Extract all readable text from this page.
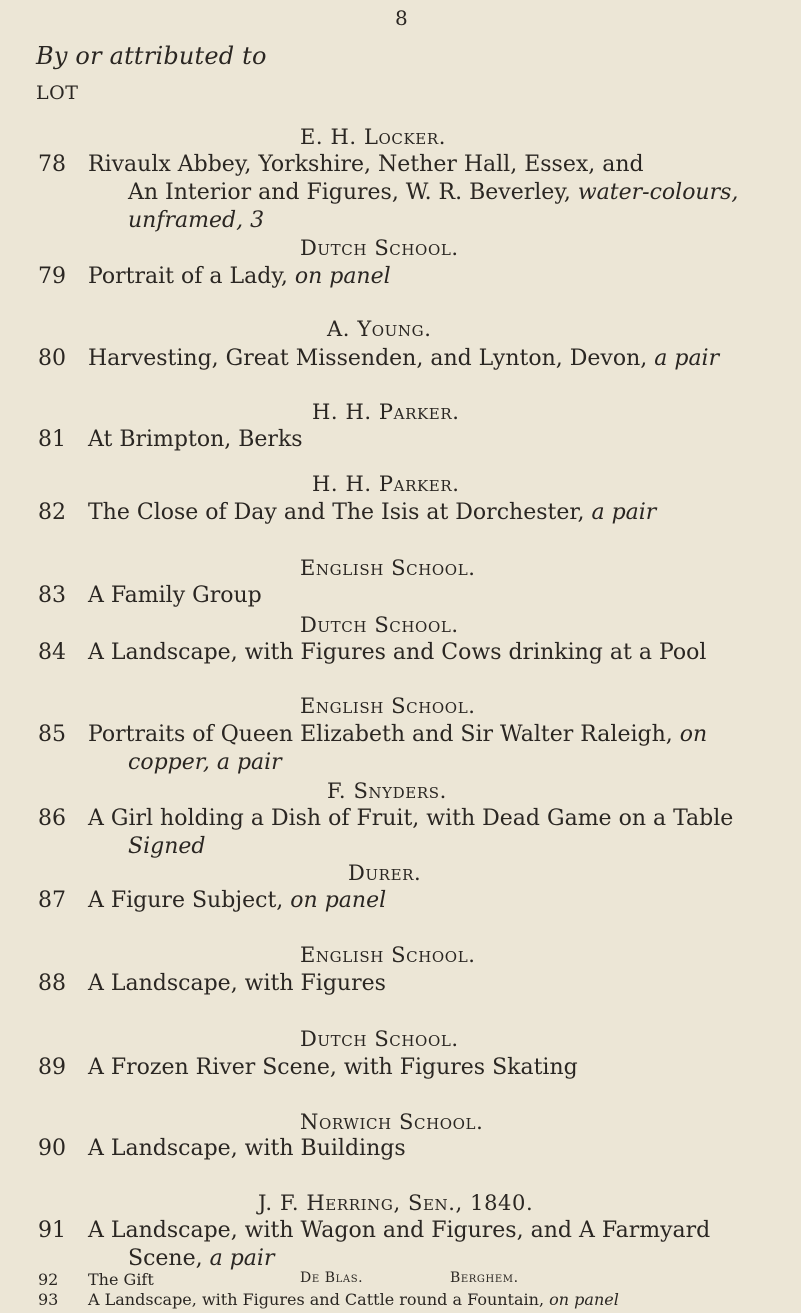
8
By or attributed to
LOT
E. H. Locker.
78 Rivaulx Abbey, Yorkshire, Nether Hall, Essex, and
An Interior and Figures, W. R. Beverley, water-colours,
unframed, 3
Dutch School.
79 Portrait of a Lady, on panel
A. Young.
80 Harvesting, Great Missenden, and Lynton, Devon, a pair
H. H. Parker.
81 At Brimpton, Berks
H. H. Parker.
82 The Close of Day and The Isis at Dorchester, a pair
English School.
83 A Family Group
Dutch School.
84 A Landscape, with Figures and Cows drinking at a Pool
English School.
85 Portraits of Queen Elizabeth and Sir Walter Raleigh, on
copper, a pair
F. Snyders.
86 A Girl holding a Dish of Fruit, with Dead Game on a Table
Signed
Durer.
87 A Figure Subject, on panel
English School.
88 A Landscape, with Figures
Dutch School.
89 A Frozen River Scene, with Figures Skating
Norwich School.
90 A Landscape, with Buildings
J. F. Herring, Sen., 1840.
91 A Landscape, with Wagon and Figures, and A Farmyard
Scene, a pair
92 The Gift	De Blas.	Berghem.
93 A Landscape, with Figures and Cattle round a Fountain, on panel
